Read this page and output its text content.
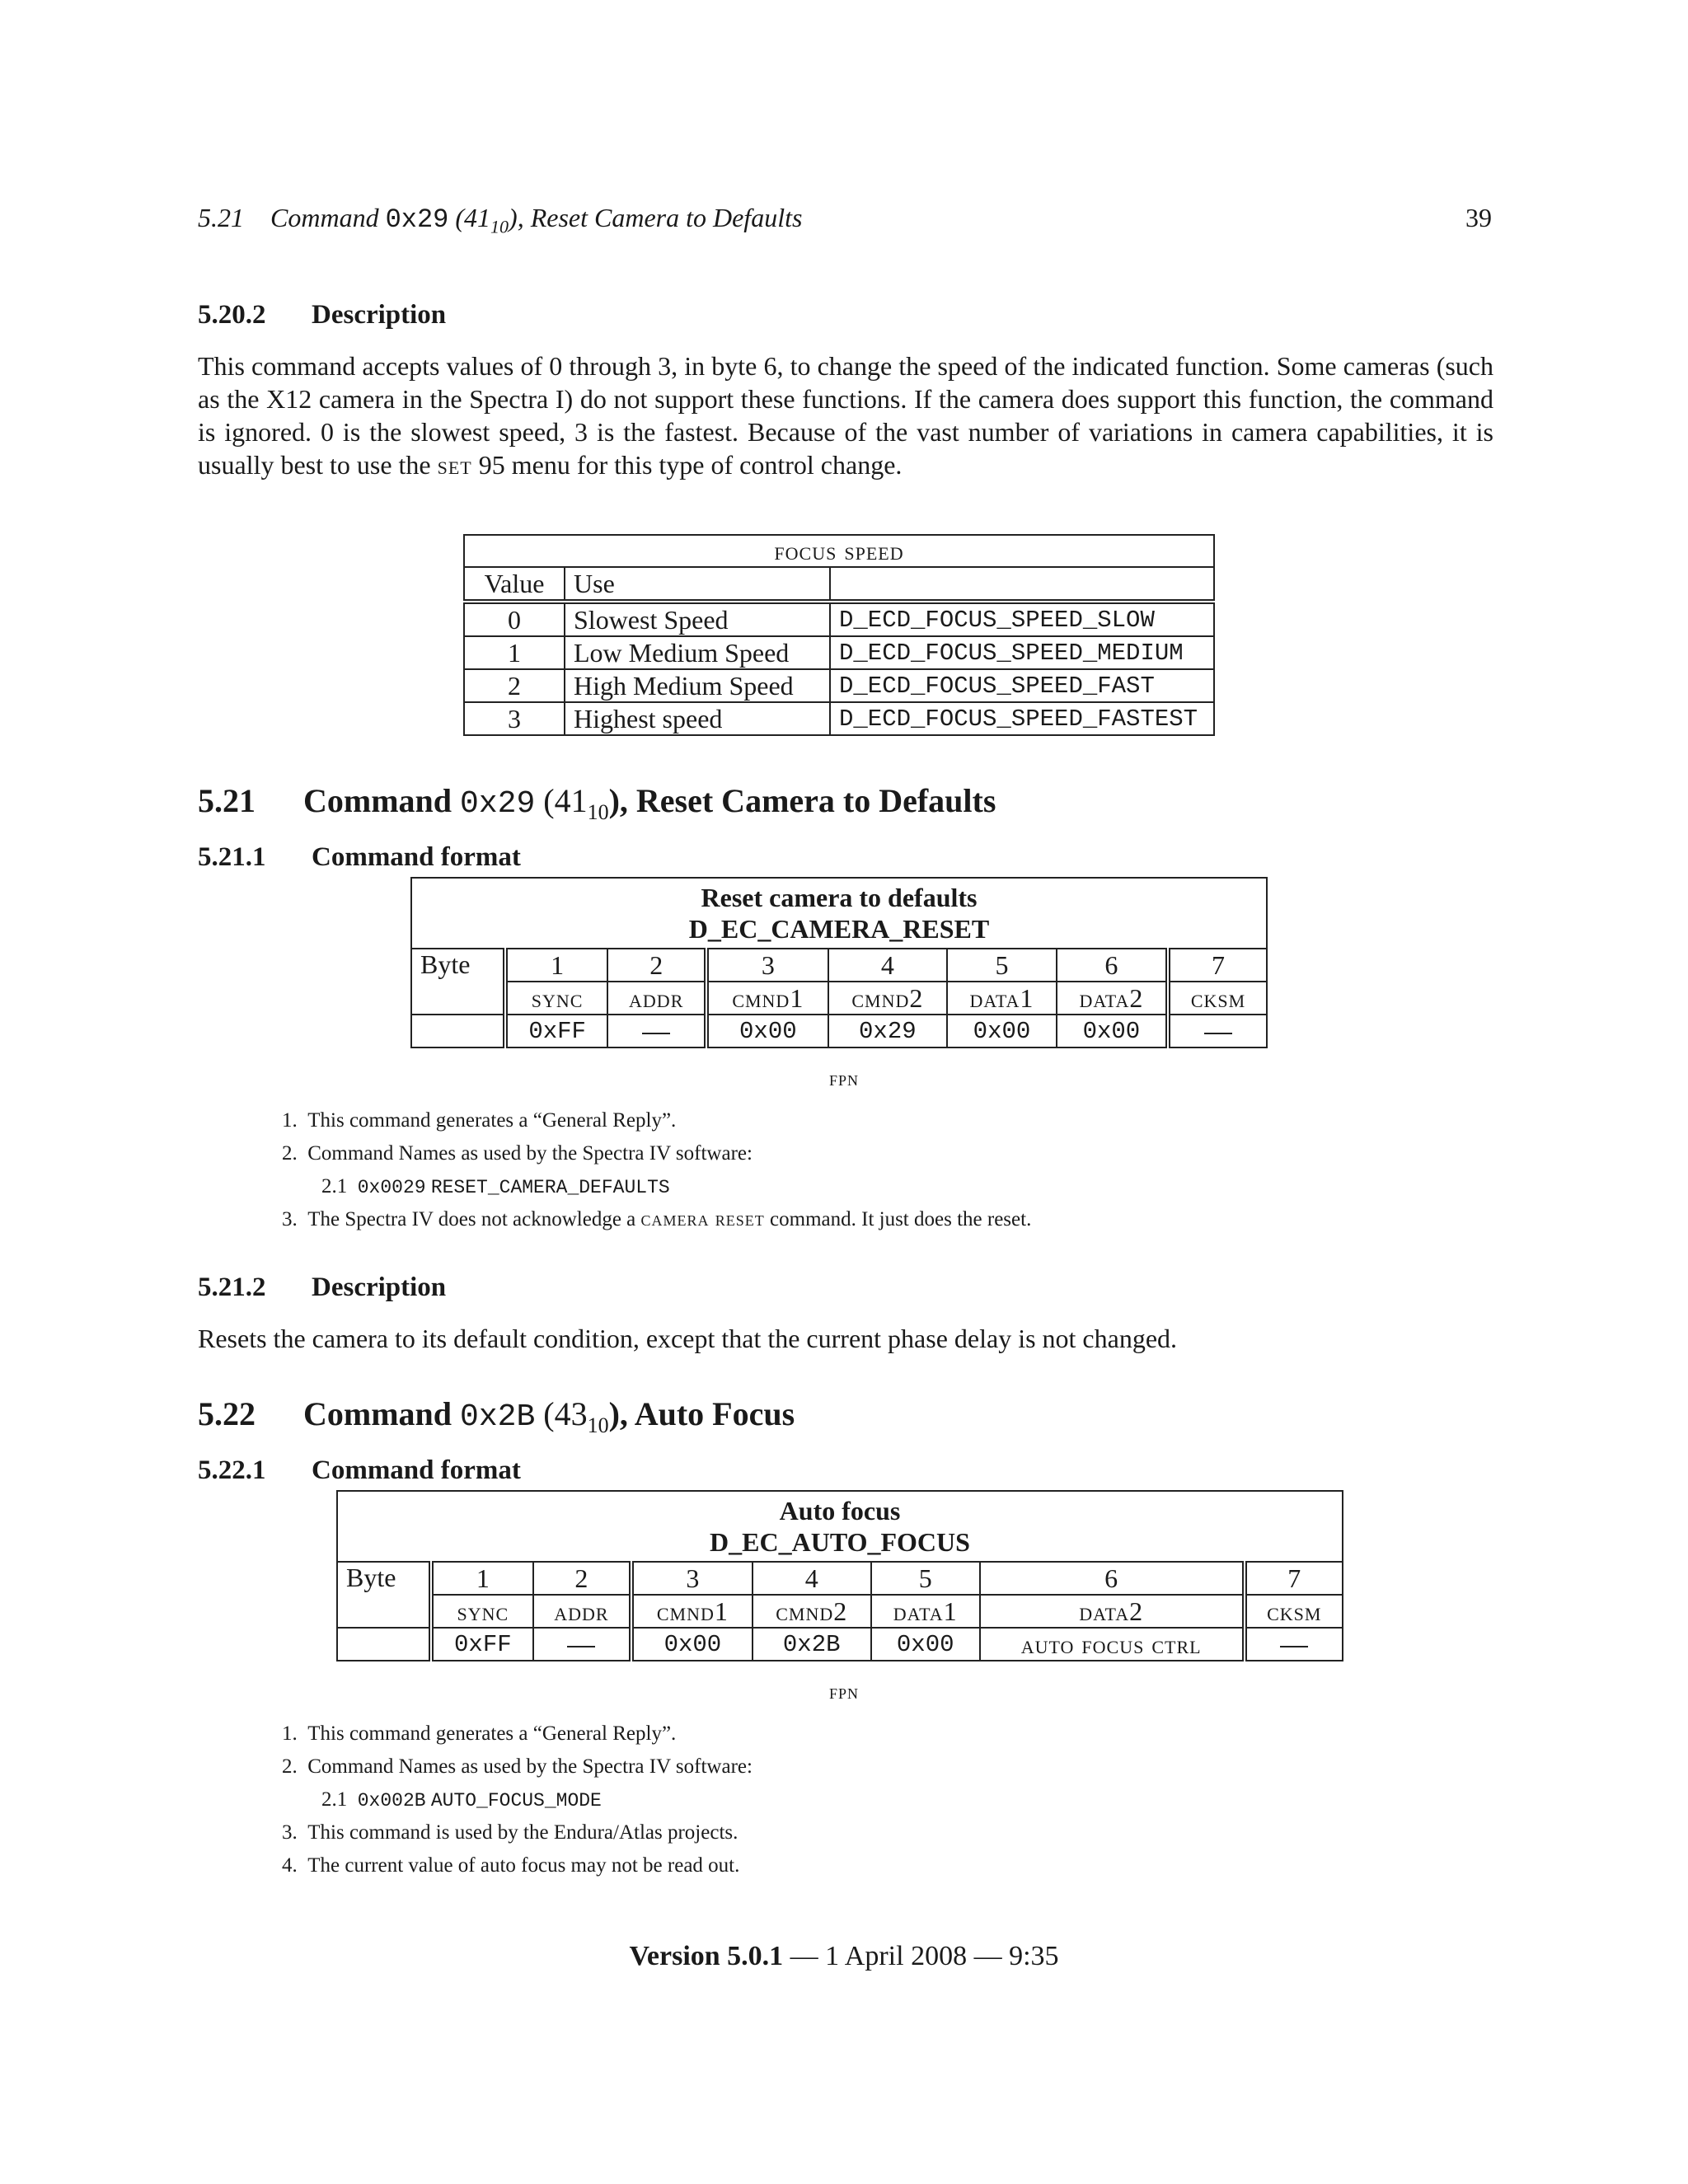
5.21 Command 0x29 $(41_{10})$, Reset Camera to Defaults	39
5.20.2 Description
This command accepts values of 0 through 3, in byte 6, to change the speed of the indicated function. Some cameras (such as the X12 camera in the Spectra I) do not support these functions. If the camera does support this function, the command is ignored. 0 is the slowest speed, 3 is the fastest. Because of the vast number of variations in camera capabilities, it is usually best to use the set 95 menu for this type of control change.
focus speed		
Value	Use	
0	Slowest Speed	D_ECD_FOCUS_SPEED_SLOW
1	Low Medium Speed	D_ECD_FOCUS_SPEED_MEDIUM
2	High Medium Speed	D_ECD_FOCUS_SPEED_FAST
3	Highest speed	D_ECD_FOCUS_SPEED_FASTEST
5.21 Command 0x29 $(41_{10})$, Reset Camera to Defaults
5.21.1 Command format
Reset camera to defaults
D_EC_CAMERA_RESET							

Byte	1	2	3	4	5	6	7
	sync	addr	cmnd1	cmnd2	data1	data2	cksm
	0xFF		0x00	0x29	0x00	0x00	
fpn
1.  This command generates a “General Reply”.
2.  Command Names as used by the Spectra IV software:
2.1  0x0029 RESET_CAMERA_DEFAULTS
3.  The Spectra IV does not acknowledge a camera reset command. It just does the reset.
5.21.2 Description
Resets the camera to its default condition, except that the current phase delay is not changed.
5.22 Command 0x2B $(43_{10})$, Auto Focus
5.22.1 Command format
Auto focus
D_EC_AUTO_FOCUS							

Byte	1	2	3	4	5	6	7
	sync	addr	cmnd1	cmnd2	data1	data2	cksm
	0xFF		0x00	0x2B	0x00	auto focus ctrl	
fpn
1.  This command generates a “General Reply”.
2.  Command Names as used by the Spectra IV software:
2.1  0x002B AUTO_FOCUS_MODE
3.  This command is used by the Endura/Atlas projects.
4.  The current value of auto focus may not be read out.
Version 5.0.1 — 1 April 2008 — 9:35
